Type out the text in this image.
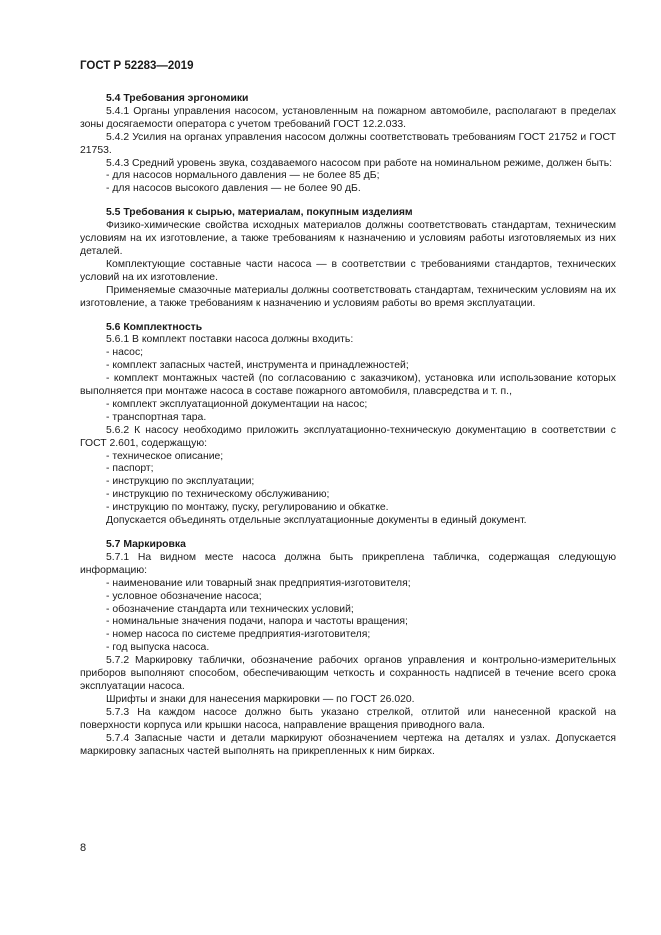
ГОСТ Р 52283—2019

5.4 Требования эргономики

5.4.1 Органы управления насосом, установленным на пожарном автомобиле, располагают в пределах зоны досягаемости оператора с учетом требований ГОСТ 12.2.033.

5.4.2 Усилия на органах управления насосом должны соответствовать требованиям ГОСТ 21752 и ГОСТ 21753.

5.4.3 Средний уровень звука, создаваемого насосом при работе на номинальном режиме, должен быть:

- для насосов нормального давления — не более 85 дБ;

- для насосов высокого давления — не более 90 дБ.

5.5 Требования к сырью, материалам, покупным изделиям

Физико-химические свойства исходных материалов должны соответствовать стандартам, техническим условиям на их изготовление, а также требованиям к назначению и условиям работы изготовляемых из них деталей.

Комплектующие составные части насоса — в соответствии с требованиями стандартов, технических условий на их изготовление.

Применяемые смазочные материалы должны соответствовать стандартам, техническим условиям на их изготовление, а также требованиям к назначению и условиям работы во время эксплуатации.

5.6 Комплектность

5.6.1 В комплект поставки насоса должны входить:

- насос;

- комплект запасных частей, инструмента и принадлежностей;

- комплект монтажных частей (по согласованию с заказчиком), установка или использование которых выполняется при монтаже насоса в составе пожарного автомобиля, плавсредства и т. п.,

- комплект эксплуатационной документации на насос;

- транспортная тара.

5.6.2 К насосу необходимо приложить эксплуатационно-техническую документацию в соответствии с ГОСТ 2.601, содержащую:

- техническое описание;

- паспорт;

- инструкцию по эксплуатации;

- инструкцию по техническому обслуживанию;

- инструкцию по монтажу, пуску, регулированию и обкатке.

Допускается объединять отдельные эксплуатационные документы в единый документ.

5.7 Маркировка

5.7.1 На видном месте насоса должна быть прикреплена табличка, содержащая следующую информацию:

- наименование или товарный знак предприятия-изготовителя;

- условное обозначение насоса;

- обозначение стандарта или технических условий;

- номинальные значения подачи, напора и частоты вращения;

- номер насоса по системе предприятия-изготовителя;

- год выпуска насоса.

5.7.2 Маркировку таблички, обозначение рабочих органов управления и контрольно-измерительных приборов выполняют способом, обеспечивающим четкость и сохранность надписей в течение всего срока эксплуатации насоса.

Шрифты и знаки для нанесения маркировки — по ГОСТ 26.020.

5.7.3 На каждом насосе должно быть указано стрелкой, отлитой или нанесенной краской на поверхности корпуса или крышки насоса, направление вращения приводного вала.

5.7.4 Запасные части и детали маркируют обозначением чертежа на деталях и узлах. Допускается маркировку запасных частей выполнять на прикрепленных к ним бирках.

8
